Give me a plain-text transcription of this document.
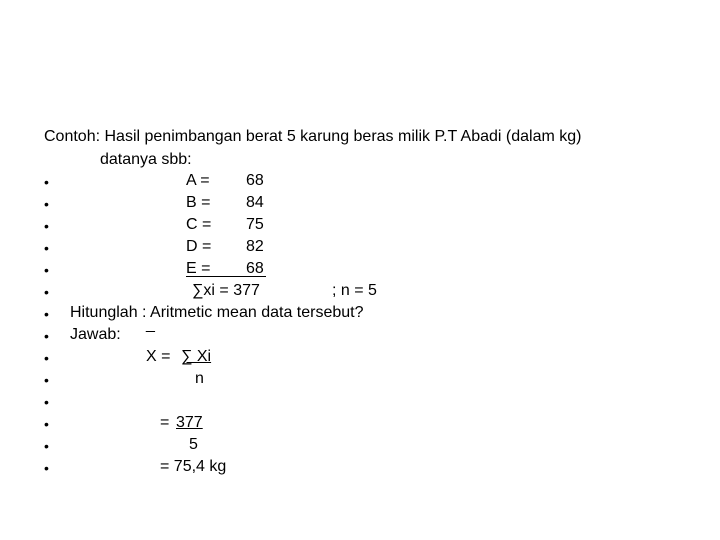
Contoh: Hasil penimbangan berat 5 karung beras milik P.T Abadi (dalam kg)
datanya sbb:
•
•
•
•
•
•
•
•
•
•
•
•
•
•
A = 68
B = 84
C = 75
D = 82
E = 68
∑xi = 377	; n = 5
Hitunglah : Aritmetic mean data tersebut?
Jawab:
_
X = ∑ Xi
n
= 377
5
= 75,4 kg
